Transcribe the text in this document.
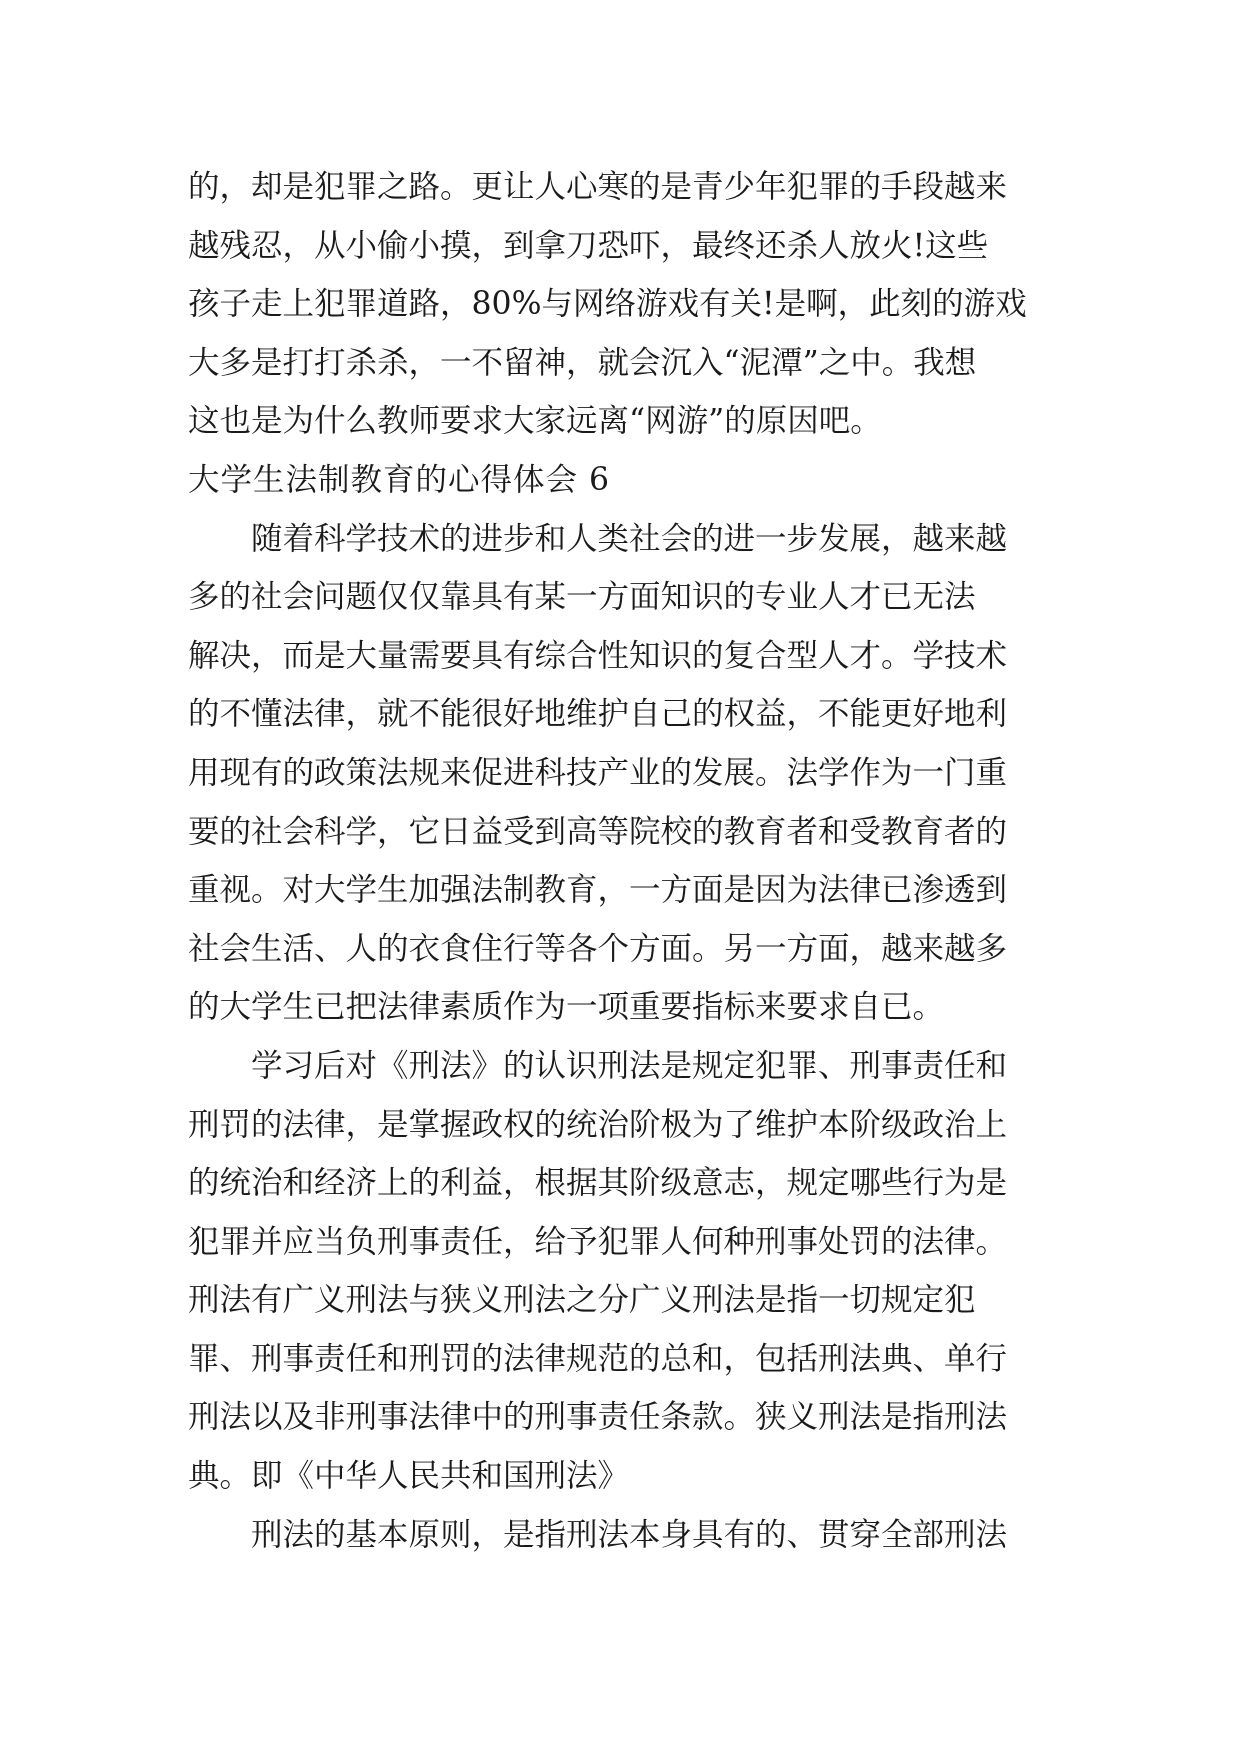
的，却是犯罪之路。更让人心寒的是青少年犯罪的手段越来
越残忍，从小偷小摸，到拿刀恐吓，最终还杀人放火!这些
孩子走上犯罪道路，80%与网络游戏有关!是啊，此刻的游戏
大多是打打杀杀，一不留神，就会沉入“泥潭”之中。我想
这也是为什么教师要求大家远离“网游”的原因吧。
大学生法制教育的心得体会 6
随着科学技术的进步和人类社会的进一步发展，越来越
多的社会问题仅仅靠具有某一方面知识的专业人才已无法
解决，而是大量需要具有综合性知识的复合型人才。学技术
的不懂法律，就不能很好地维护自己的权益，不能更好地利
用现有的政策法规来促进科技产业的发展。法学作为一门重
要的社会科学，它日益受到高等院校的教育者和受教育者的
重视。对大学生加强法制教育，一方面是因为法律已渗透到
社会生活、人的衣食住行等各个方面。另一方面，越来越多
的大学生已把法律素质作为一项重要指标来要求自已。
学习后对《刑法》的认识刑法是规定犯罪、刑事责任和
刑罚的法律，是掌握政权的统治阶极为了维护本阶级政治上
的统治和经济上的利益，根据其阶级意志，规定哪些行为是
犯罪并应当负刑事责任，给予犯罪人何种刑事处罚的法律。
刑法有广义刑法与狭义刑法之分广义刑法是指一切规定犯
罪、刑事责任和刑罚的法律规范的总和，包括刑法典、单行
刑法以及非刑事法律中的刑事责任条款。狭义刑法是指刑法
典。即《中华人民共和国刑法》
刑法的基本原则，是指刑法本身具有的、贯穿全部刑法
